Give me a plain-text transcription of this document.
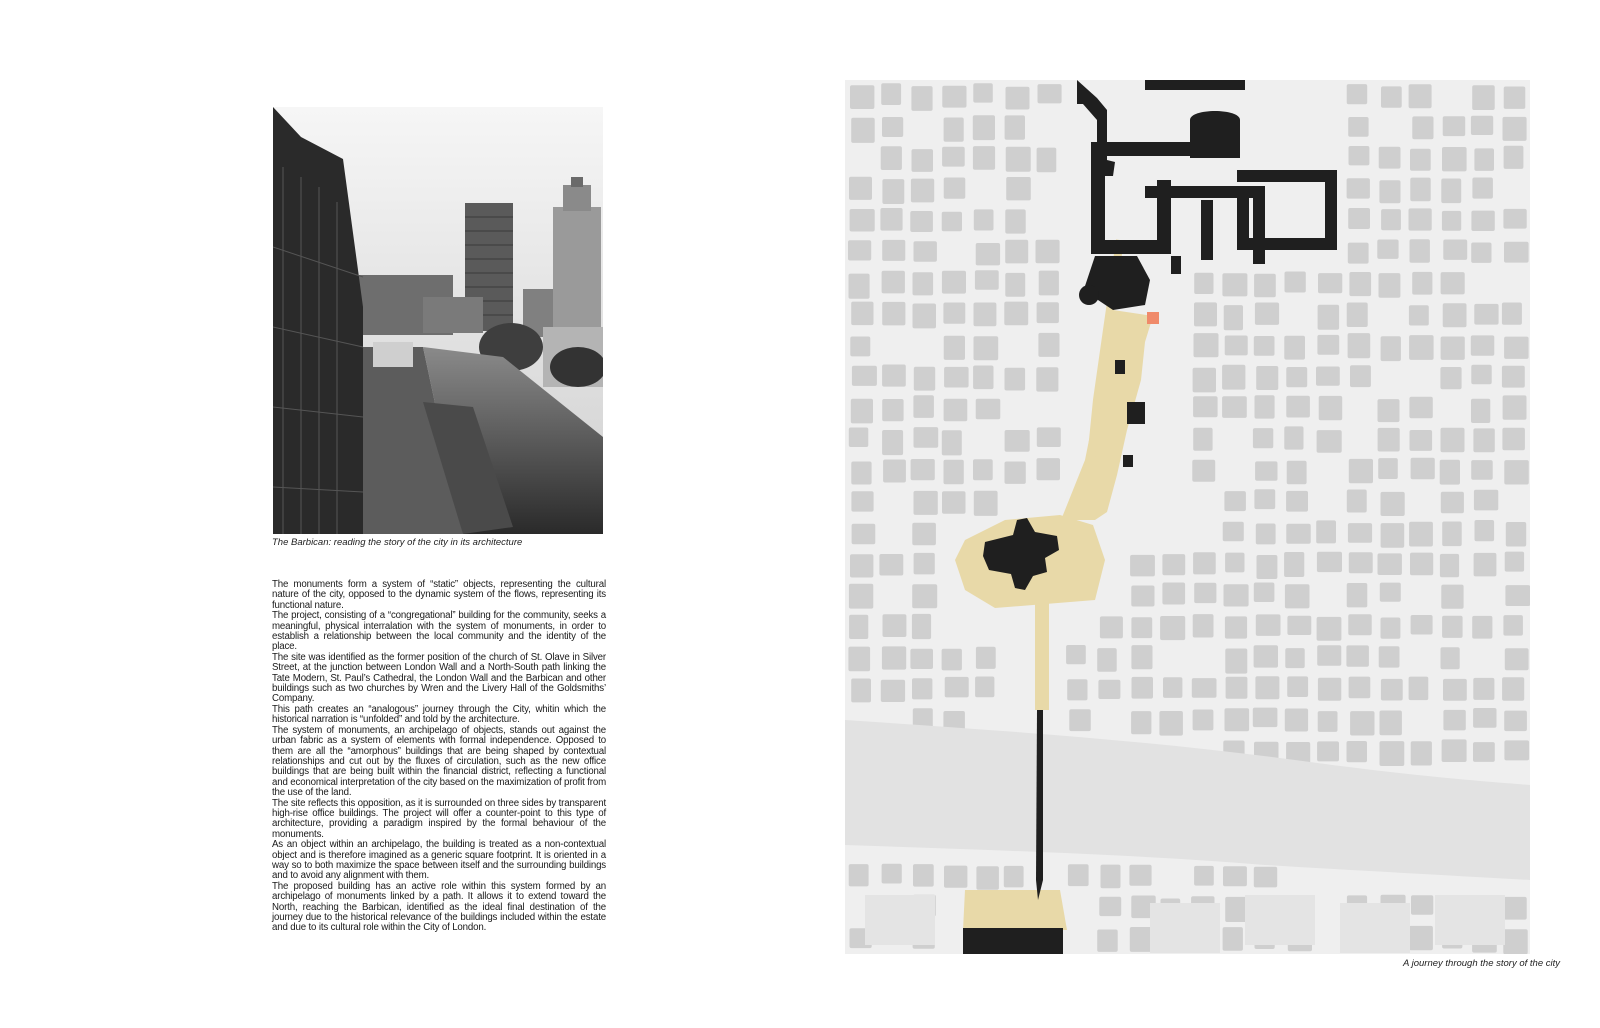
The Barbican: reading the story of the city in its architecture

The monuments form a system of “static” objects, representing the cultural nature of the city, opposed to the dynamic system of the flows, representing its functional nature.

The project, consisting of a “congregational” building for the community, seeks a meaningful, physical interralation with the system of monuments, in order to establish a relationship between the local community and the identity of the place.

The site was identified as the former position of the church of St. Olave in Silver Street, at the junction between London Wall and a North-South path linking the Tate Modern, St. Paul’s Cathedral, the London Wall and the Barbican and other buildings such as two churches by Wren and the Livery Hall of the Goldsmiths’ Company.

This path creates an “analogous” journey through the City, whitin which the historical narration is “unfolded” and told by the architecture.

The system of monuments, an archipelago of objects, stands out against the urban fabric as a system of elements with formal independence. Opposed to them are all the “amorphous” buildings that are being shaped by contextual relationships and cut out by the fluxes of circulation, such as the new office buildings that are being built within the financial district, reflecting a functional and economical interpretation of the city based on the maximization of profit from the use of the land.

The site reflects this opposition, as it is surrounded on three sides by transparent high-rise office buildings. The project will offer a counter-point to this type of architecture, providing a paradigm inspired by the formal behaviour of the monuments.

As an object within an archipelago, the building is treated as a non-contextual object and is therefore imagined as a generic square footprint. It is oriented in a way so to both maximize the space between itself and the surrounding buildings and to avoid any alignment with them.

The proposed building has an active role within this system formed by an archipelago of monuments linked by a path. It allows it to extend toward the North, reaching the Barbican, identified as the ideal final destination of the journey due to the historical relevance of the buildings included within the estate and due to its cultural role within the City of London.

A journey through the story of the city
